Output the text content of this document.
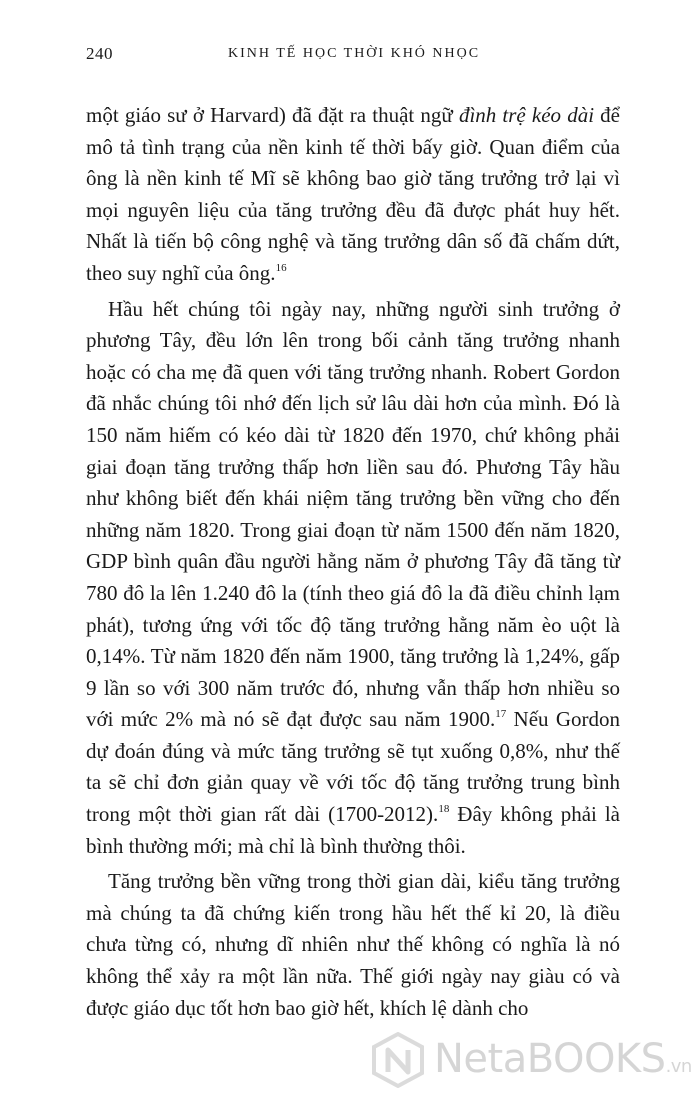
240	KINH TẾ HỌC THỜI KHÓ NHỌC

một giáo sư ở Harvard) đã đặt ra thuật ngữ đình trệ kéo dài để mô tả tình trạng của nền kinh tế thời bấy giờ. Quan điểm của ông là nền kinh tế Mĩ sẽ không bao giờ tăng trưởng trở lại vì mọi nguyên liệu của tăng trưởng đều đã được phát huy hết. Nhất là tiến bộ công nghệ và tăng trưởng dân số đã chấm dứt, theo suy nghĩ của ông.$^{16}$

Hầu hết chúng tôi ngày nay, những người sinh trưởng ở phương Tây, đều lớn lên trong bối cảnh tăng trưởng nhanh hoặc có cha mẹ đã quen với tăng trưởng nhanh. Robert Gordon đã nhắc chúng tôi nhớ đến lịch sử lâu dài hơn của mình. Đó là 150 năm hiếm có kéo dài từ 1820 đến 1970, chứ không phải giai đoạn tăng trưởng thấp hơn liền sau đó. Phương Tây hầu như không biết đến khái niệm tăng trưởng bền vững cho đến những năm 1820. Trong giai đoạn từ năm 1500 đến năm 1820, GDP bình quân đầu người hằng năm ở phương Tây đã tăng từ 780 đô la lên 1.240 đô la (tính theo giá đô la đã điều chỉnh lạm phát), tương ứng với tốc độ tăng trưởng hằng năm èo uột là 0,14%. Từ năm 1820 đến năm 1900, tăng trưởng là 1,24%, gấp 9 lần so với 300 năm trước đó, nhưng vẫn thấp hơn nhiều so với mức 2% mà nó sẽ đạt được sau năm 1900.17 Nếu Gordon dự đoán đúng và mức tăng trưởng sẽ tụt xuống 0,8%, như thế ta sẽ chỉ đơn giản quay về với tốc độ tăng trưởng trung bình trong một thời gian rất dài (1700-2012).$^{18}$ Đây không phải là bình thường mới; mà chỉ là bình thường thôi.

Tăng trưởng bền vững trong thời gian dài, kiểu tăng trưởng mà chúng ta đã chứng kiến trong hầu hết thế kỉ 20, là điều chưa từng có, nhưng dĩ nhiên như thế không có nghĩa là nó không thể xảy ra một lần nữa. Thế giới ngày nay giàu có và được giáo dục tốt hơn bao giờ hết, khích lệ dành cho

NetaBOOKS.vn
